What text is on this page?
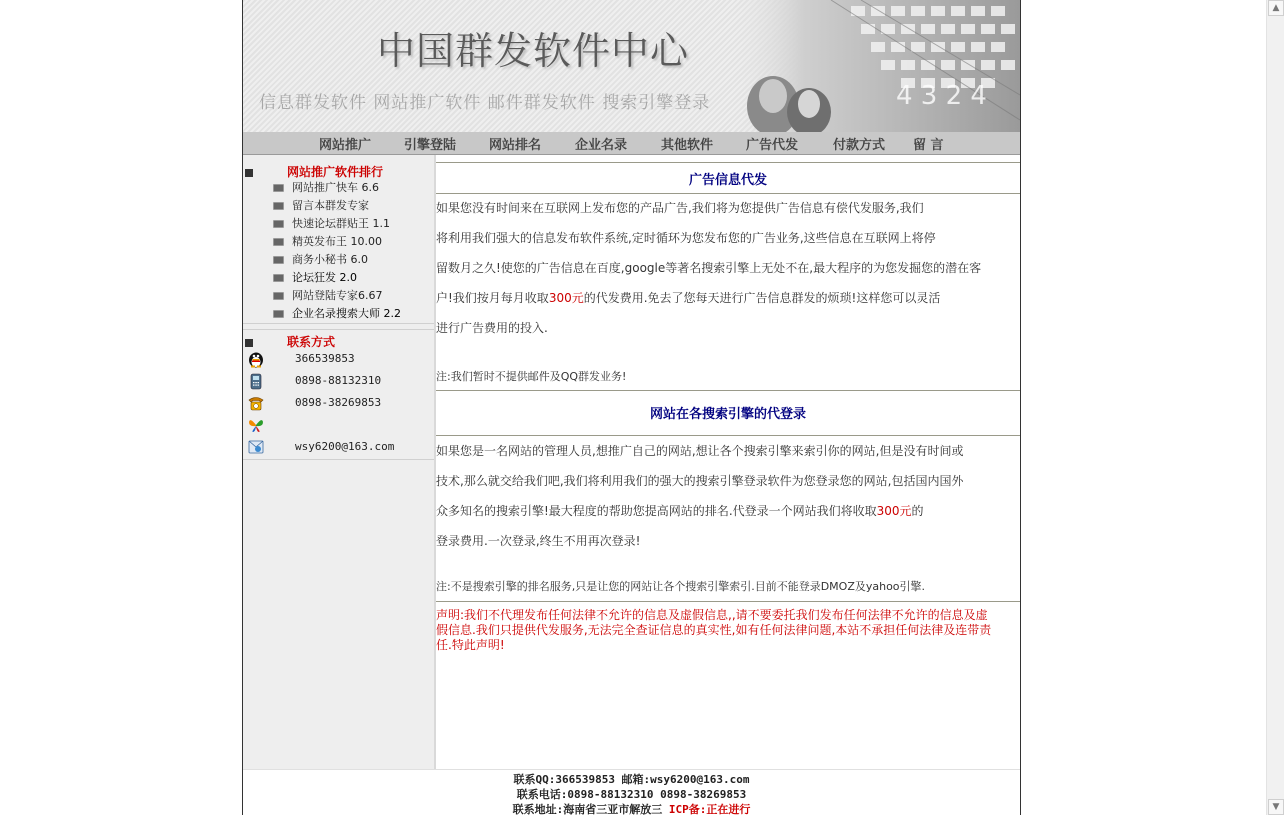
中国群发软件中心
信息群发软件 网站推广软件 邮件群发软件 搜索引擎登录	4 3 2 4
网站推广	引擎登陆	网站排名	企业名录	其他软件	广告代发	付款方式 留 言
网站推广软件排行
网站推广快车 6.6
留言本群发专家
快速论坛群贴王 1.1
精英发布王 10.00
商务小秘书 6.0
论坛狂发 2.0
网站登陆专家6.67
企业名录搜索大师 2.2
联系方式
366539853
0898-88132310
0898-38269853
wsy6200@163.com
广告信息代发
如果您没有时间来在互联网上发布您的产品广告,我们将为您提供广告信息有偿代发服务,我们
将利用我们强大的信息发布软件系统,定时循环为您发布您的广告业务,这些信息在互联网上将停
留数月之久!使您的广告信息在百度,google等著名搜索引擎上无处不在,最大程序的为您发掘您的潜在客
户!我们按月每月收取300元的代发费用.免去了您每天进行广告信息群发的烦琐!这样您可以灵活
进行广告费用的投入.
注:我们暂时不提供邮件及QQ群发业务!
网站在各搜索引擎的代登录
如果您是一名网站的管理人员,想推广自己的网站,想让各个搜索引擎来索引你的网站,但是没有时间或
技术,那么就交给我们吧,我们将利用我们的强大的搜索引擎登录软件为您登录您的网站,包括国内国外
众多知名的搜索引擎!最大程度的帮助您提高网站的排名.代登录一个网站我们将收取300元的
登录费用.一次登录,终生不用再次登录!
注:不是搜索引擎的排名服务,只是让您的网站让各个搜索引擎索引.目前不能登录DMOZ及yahoo引擎.
声明:我们不代理发布任何法律不允许的信息及虚假信息,,请不要委托我们发布任何法律不允许的信息及虚假信息.我们只提供代发服务,无法完全查证信息的真实性,如有任何法律问题,本站不承担任何法律及连带责任.特此声明!
联系QQ:366539853 邮箱:wsy6200@163.com
联系电话:0898-88132310 0898-38269853
联系地址:海南省三亚市解放三 ICP备:正在进行
▲
▼
